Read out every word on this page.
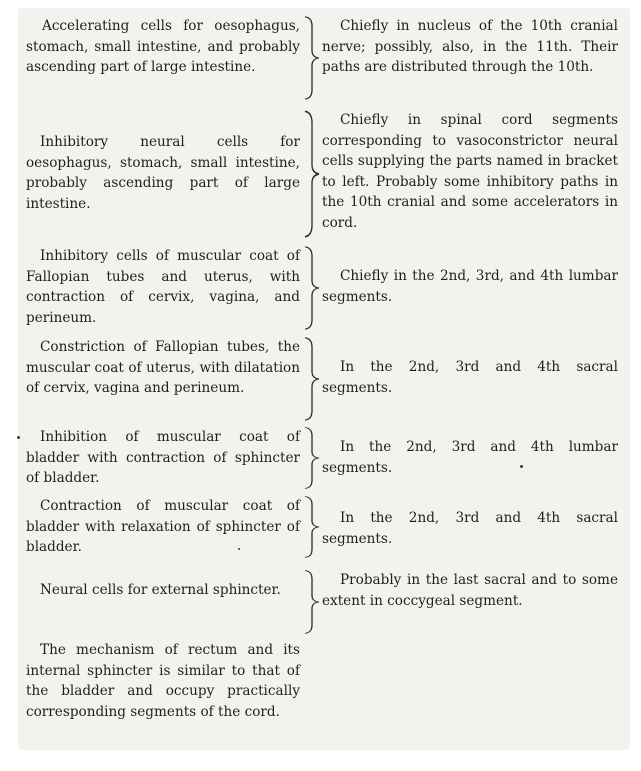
Accelerating cells for oesophagus, stomach, small intestine, and probably ascending part of large intestine.
Chiefly in nucleus of the 10th cranial nerve; possibly, also, in the 11th. Their paths are distributed through the 10th.
Inhibitory neural cells for oesophagus, stomach, small intestine, probably ascending part of large intestine.
Chiefly in spinal cord segments corresponding to vasoconstrictor neural cells supplying the parts named in bracket to left. Probably some inhibitory paths in the 10th cranial and some accelerators in cord.
Inhibitory cells of muscular coat of Fallopian tubes and uterus, with contraction of cervix, vagina, and perineum.
Chiefly in the 2nd, 3rd, and 4th lumbar segments.
Constriction of Fallopian tubes, the muscular coat of uterus, with dilatation of cervix, vagina and perineum.
In the 2nd, 3rd and 4th sacral segments.
Inhibition of muscular coat of bladder with contraction of sphincter of bladder.
In the 2nd, 3rd and 4th lumbar segments.
Contraction of muscular coat of bladder with relaxation of sphincter of bladder.
In the 2nd, 3rd and 4th sacral segments.
Neural cells for external sphincter.
Probably in the last sacral and to some extent in coccygeal segment.
The mechanism of rectum and its internal sphincter is similar to that of the bladder and occupy practically corresponding segments of the cord.
